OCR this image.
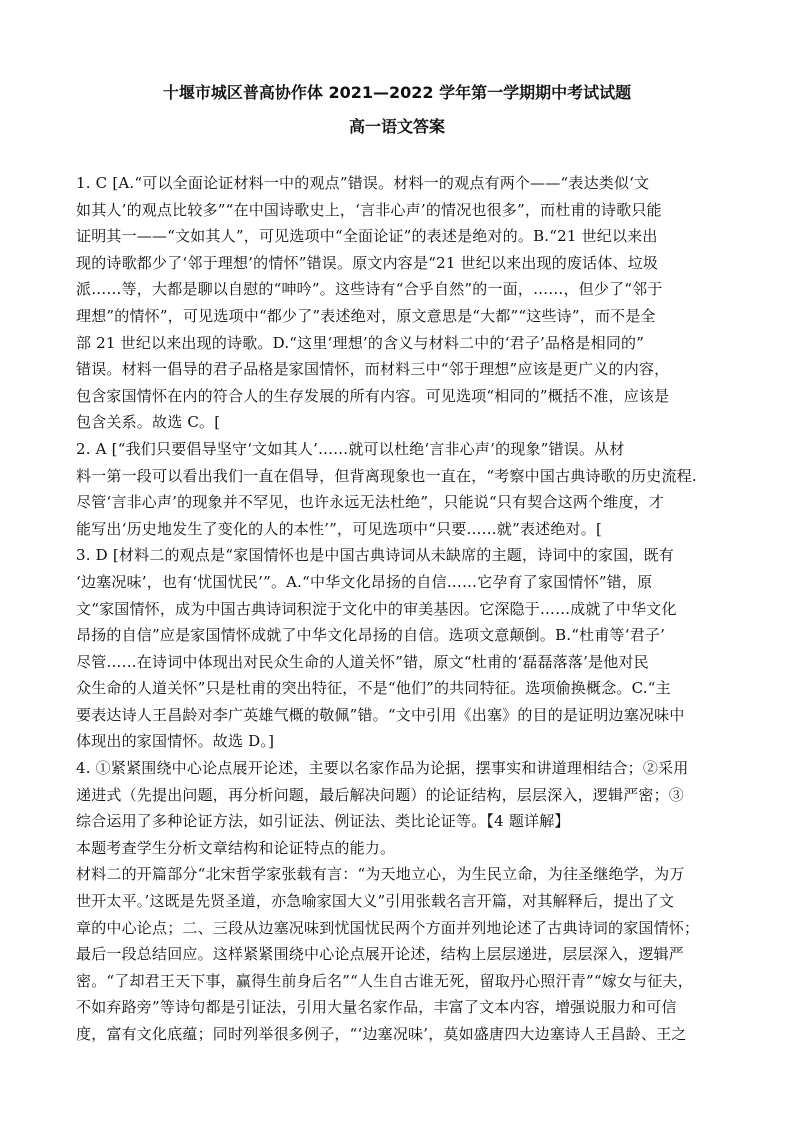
十堰市城区普高协作体 2021—2022 学年第一学期期中考试试题
高一语文答案
1. C [A.“可以全面论证材料一中的观点”错误。材料一的观点有两个——“表达类似‘文
如其人’的观点比较多”“在中国诗歌史上，‘言非心声’的情况也很多”，而杜甫的诗歌只能
证明其一——“文如其人”，可见选项中“全面论证”的表述是绝对的。B.“21 世纪以来出
现的诗歌都少了‘邻于理想’的情怀”错误。原文内容是“21 世纪以来出现的废话体、垃圾
派……等，大都是聊以自慰的“呻吟”。这些诗有“合乎自然”的一面，……，但少了“邻于
理想”的情怀”，可见选项中“都少了”表述绝对，原文意思是“大都”“这些诗”，而不是全
部 21 世纪以来出现的诗歌。D.“这里‘理想’的含义与材料二中的‘君子’品格是相同的”
错误。材料一倡导的君子品格是家国情怀，而材料三中“邻于理想”应该是更广义的内容，
包含家国情怀在内的符合人的生存发展的所有内容。可见选项“相同的”概括不准，应该是
包含关系。故选 C。[
2. A [“我们只要倡导坚守‘文如其人’……就可以杜绝‘言非心声’的现象”错误。从材
料一第一段可以看出我们一直在倡导，但背离现象也一直在，“考察中国古典诗歌的历史流程.
尽管‘言非心声’的现象并不罕见，也许永远无法杜绝”，只能说“只有契合这两个维度，才
能写出‘历史地发生了变化的人的本性’”，可见选项中“只要……就”表述绝对。[
3. D [材料二的观点是“家国情怀也是中国古典诗词从未缺席的主题，诗词中的家国，既有
‘边塞况味’，也有‘忧国忧民’”。A.“中华文化昂扬的自信……它孕育了家国情怀”错，原
文“家国情怀，成为中国古典诗词积淀于文化中的审美基因。它深隐于……成就了中华文化
昂扬的自信”应是家国情怀成就了中华文化昂扬的自信。选项文意颠倒。B.“杜甫等‘君子’
尽管……在诗词中体现出对民众生命的人道关怀”错，原文“杜甫的‘磊磊落落’是他对民
众生命的人道关怀”只是杜甫的突出特征，不是“他们”的共同特征。选项偷换概念。C.“主
要表达诗人王昌龄对李广英雄气概的敬佩”错。“文中引用《出塞》的目的是证明边塞况味中
体现出的家国情怀。故选 D。]
4. ①紧紧围绕中心论点展开论述，主要以名家作品为论据，摆事实和讲道理相结合；②采用
递进式（先提出问题，再分析问题，最后解决问题）的论证结构，层层深入，逻辑严密；③
综合运用了多种论证方法，如引证法、例证法、类比论证等。【4 题详解】
本题考查学生分析文章结构和论证特点的能力。
材料二的开篇部分“北宋哲学家张载有言：“为天地立心，为生民立命，为往圣继绝学，为万
世开太平。’这既是先贤圣道，亦急喻家国大义”引用张载名言开篇，对其解释后，提出了文
章的中心论点；二、三段从边塞况味到忧国忧民两个方面并列地论述了古典诗词的家国情怀；
最后一段总结回应。这样紧紧围绕中心论点展开论述，结构上层层递进，层层深入，逻辑严
密。“了却君王天下事，赢得生前身后名”“人生自古谁无死，留取丹心照汗青”“嫁女与征夫，
不如弃路旁”等诗句都是引证法，引用大量名家作品，丰富了文本内容，增强说服力和可信
度，富有文化底蕴；同时列举很多例子，“‘边塞况味’，莫如盛唐四大边塞诗人王昌龄、王之
